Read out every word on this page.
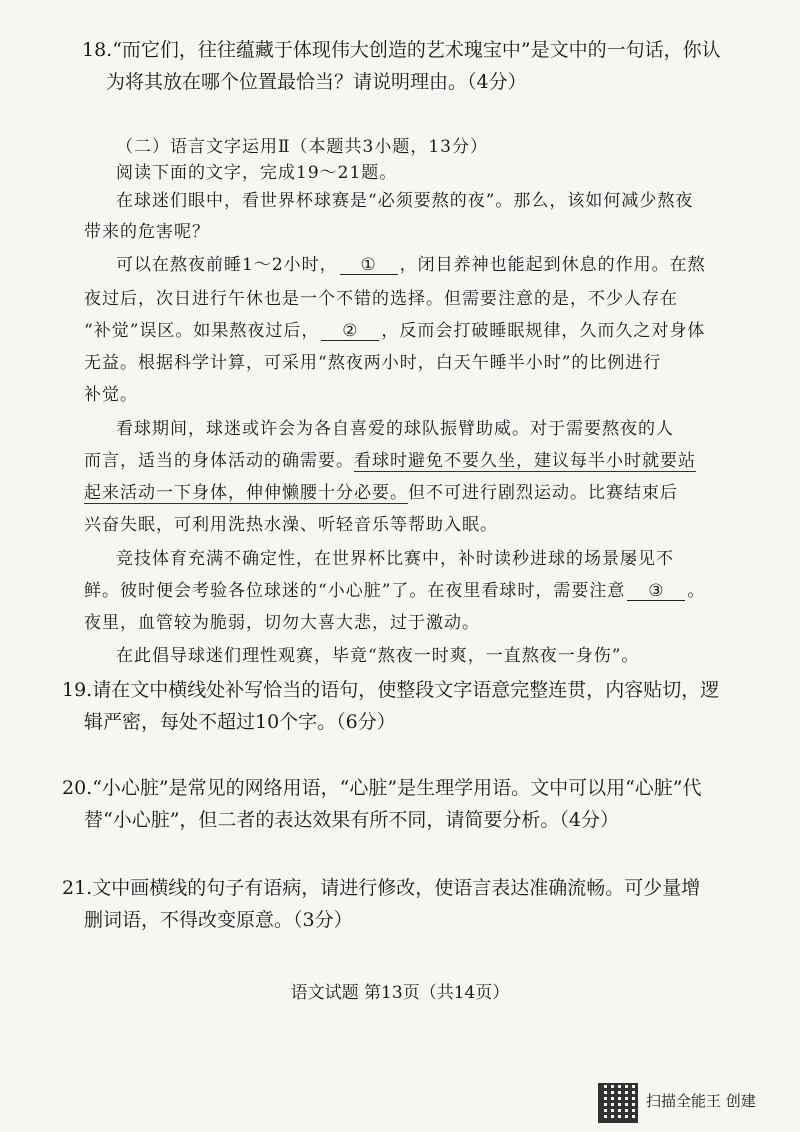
18.“而它们，往往蕴藏于体现伟大创造的艺术瑰宝中”是文中的一句话，你认
为将其放在哪个位置最恰当？请说明理由。（4分）
（二）语言文字运用Ⅱ（本题共3小题，13分）
阅读下面的文字，完成19～21题。
在球迷们眼中，看世界杯球赛是“必须要熬的夜”。那么，该如何减少熬夜
带来的危害呢？
可以在熬夜前睡1～2小时， ① ，闭目养神也能起到休息的作用。在熬
夜过后，次日进行午休也是一个不错的选择。但需要注意的是，不少人存在
“补觉”误区。如果熬夜过后， ② ，反而会打破睡眠规律，久而久之对身体
无益。根据科学计算，可采用“熬夜两小时，白天午睡半小时”的比例进行
补觉。
看球期间，球迷或许会为各自喜爱的球队振臂助威。对于需要熬夜的人
而言，适当的身体活动的确需要。看球时避免不要久坐，建议每半小时就要站
起来活动一下身体，伸伸懒腰十分必要。但不可进行剧烈运动。比赛结束后
兴奋失眠，可利用洗热水澡、听轻音乐等帮助入眠。
竞技体育充满不确定性，在世界杯比赛中，补时读秒进球的场景屡见不
鲜。彼时便会考验各位球迷的“小心脏”了。在夜里看球时，需要注意 ③ 。
夜里，血管较为脆弱，切勿大喜大悲，过于激动。
在此倡导球迷们理性观赛，毕竟“熬夜一时爽，一直熬夜一身伤”。
19.请在文中横线处补写恰当的语句，使整段文字语意完整连贯，内容贴切，逻
辑严密，每处不超过10个字。（6分）
20.“小心脏”是常见的网络用语，“心脏”是生理学用语。文中可以用“心脏”代
替“小心脏”，但二者的表达效果有所不同，请简要分析。（4分）
21.文中画横线的句子有语病，请进行修改，使语言表达准确流畅。可少量增
删词语，不得改变原意。（3分）
语文试题 第13页（共14页）
扫描全能王 创建
